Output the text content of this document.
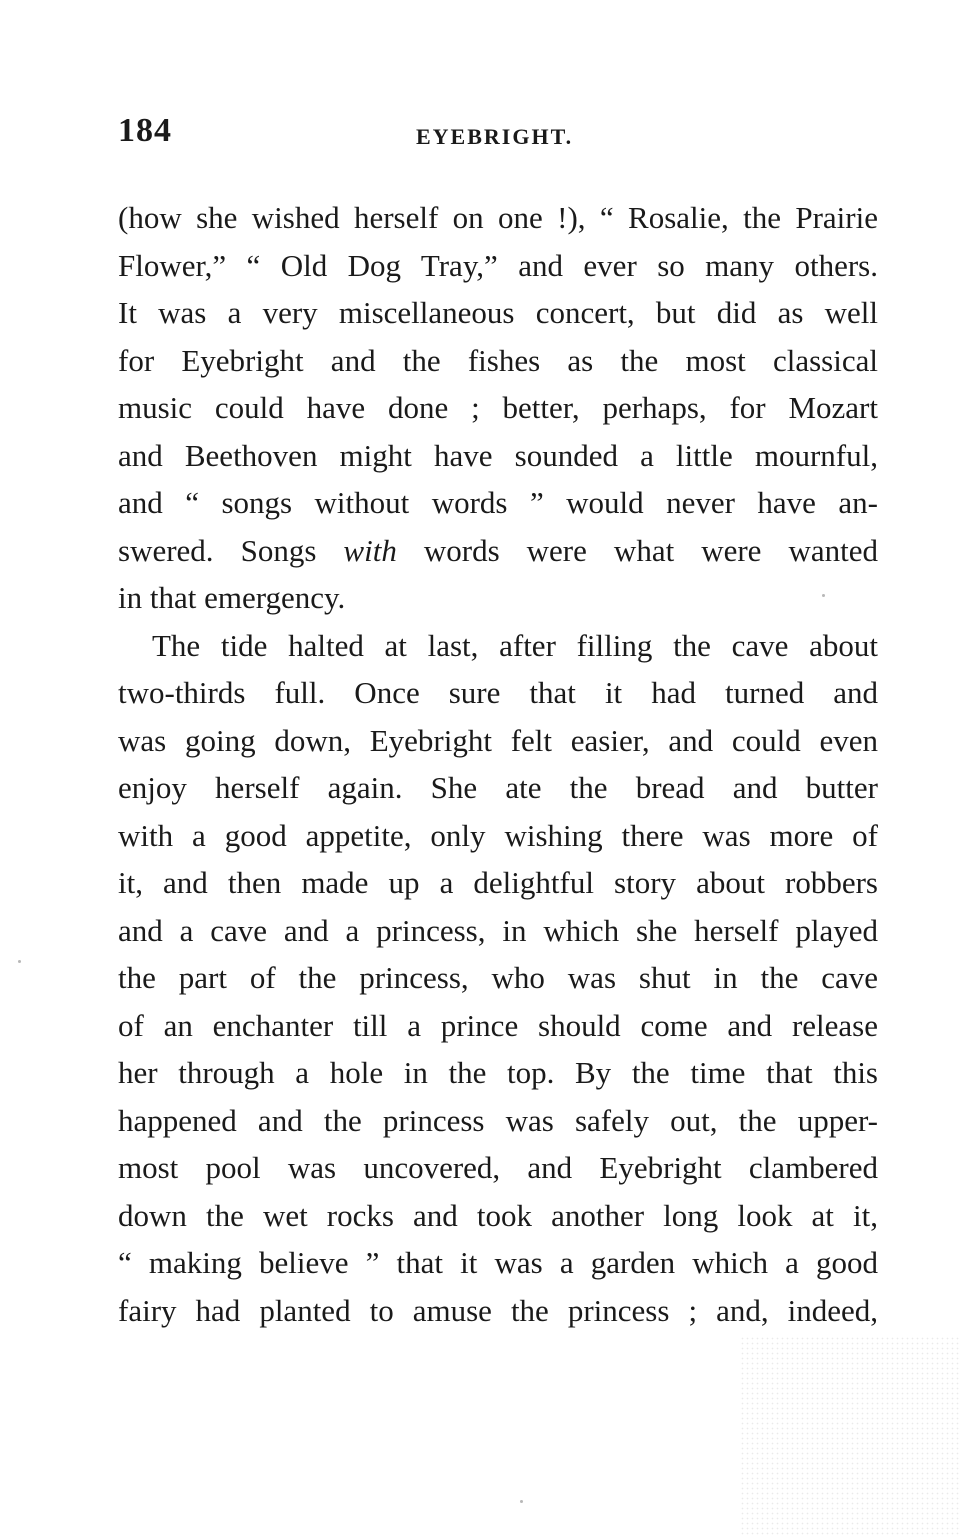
184	EYEBRIGHT.
(how she wished herself on one !), “ Rosalie, the Prairie
Flower,” “ Old Dog Tray,” and ever so many others.
It was a very miscellaneous concert, but did as well
for Eyebright and the fishes as the most classical
music could have done ; better, perhaps, for Mozart
and Beethoven might have sounded a little mournful,
and “ songs without words ” would never have an-
swered. Songs with words were what were wanted
in that emergency.
The tide halted at last, after filling the cave about
two-thirds full. Once sure that it had turned and
was going down, Eyebright felt easier, and could even
enjoy herself again. She ate the bread and butter
with a good appetite, only wishing there was more of
it, and then made up a delightful story about robbers
and a cave and a princess, in which she herself played
the part of the princess, who was shut in the cave
of an enchanter till a prince should come and release
her through a hole in the top. By the time that this
happened and the princess was safely out, the upper-
most pool was uncovered, and Eyebright clambered
down the wet rocks and took another long look at it,
“ making believe ” that it was a garden which a good
fairy had planted to amuse the princess ; and, indeed,
